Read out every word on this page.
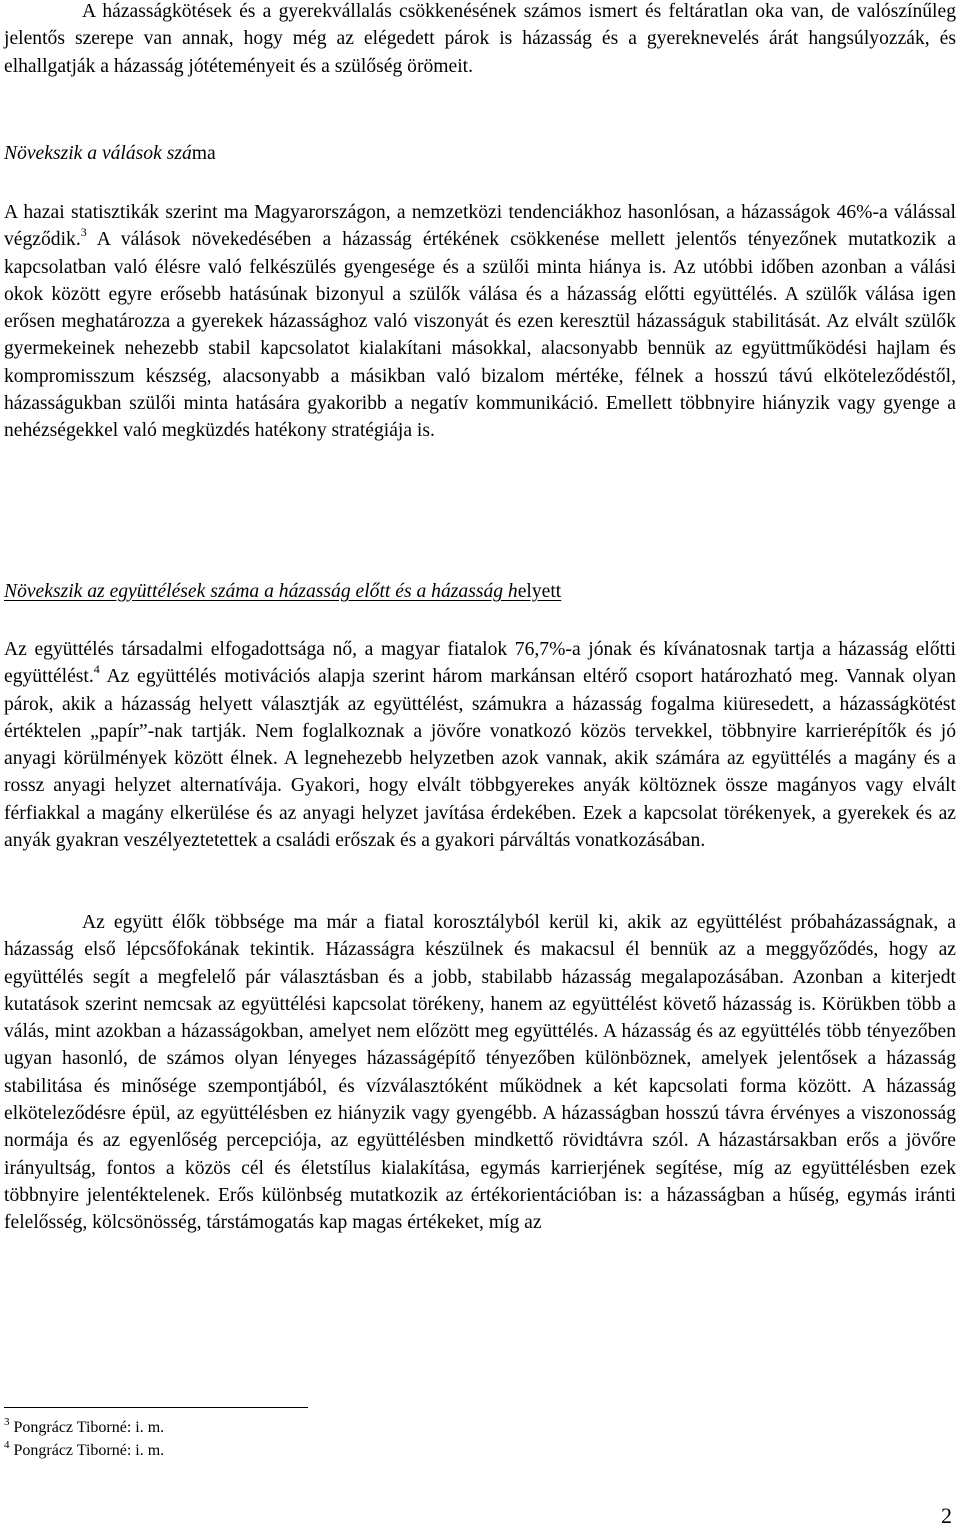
A házasságkötések és a gyerekvállalás csökkenésének számos ismert és feltáratlan oka van, de valószínűleg jelentős szerepe van annak, hogy még az elégedett párok is házasság és a gyereknevelés árát hangsúlyozzák, és elhallgatják a házasság jótéteményeit és a szülőség örömeit.

Növekszik a válások száma

A hazai statisztikák szerint ma Magyarországon, a nemzetközi tendenciákhoz hasonlósan, a házasságok 46%-a válással végződik.$^3$ A válások növekedésében a házasság értékének csökkenése mellett jelentős tényezőnek mutatkozik a kapcsolatban való élésre való felkészülés gyengesége és a szülői minta hiánya is. Az utóbbi időben azonban a válási okok között egyre erősebb hatásúnak bizonyul a szülők válása és a házasság előtti együttélés. A szülők válása igen erősen meghatározza a gyerekek házassághoz való viszonyát és ezen keresztül házasságuk stabilitását. Az elvált szülők gyermekeinek nehezebb stabil kapcsolatot kialakítani másokkal, alacsonyabb bennük az együttműködési hajlam és kompromisszum készség, alacsonyabb a másikban való bizalom mértéke, félnek a hosszú távú elköteleződéstől, házasságukban szülői minta hatására gyakoribb a negatív kommunikáció. Emellett többnyire hiányzik vagy gyenge a nehézségekkel való megküzdés hatékony stratégiája is.

Növekszik az együttélések száma a házasság előtt és a házasság helyett

Az együttélés társadalmi elfogadottsága nő, a magyar fiatalok 76,7%-a jónak és kívánatosnak tartja a házasság előtti együttélést.$^4$ Az együttélés motivációs alapja szerint három markánsan eltérő csoport határozható meg. Vannak olyan párok, akik a házasság helyett választják az együttélést, számukra a házasság fogalma kiüresedett, a házasságkötést értéktelen „papír”-nak tartják. Nem foglalkoznak a jövőre vonatkozó közös tervekkel, többnyire karrierépítők és jó anyagi körülmények között élnek. A legnehezebb helyzetben azok vannak, akik számára az együttélés a magány és a rossz anyagi helyzet alternatívája. Gyakori, hogy elvált többgyerekes anyák költöznek össze magányos vagy elvált férfiakkal a magány elkerülése és az anyagi helyzet javítása érdekében. Ezek a kapcsolat törékenyek, a gyerekek és az anyák gyakran veszélyeztetettek a családi erőszak és a gyakori párváltás vonatkozásában.

Az együtt élők többsége ma már a fiatal korosztályból kerül ki, akik az együttélést próbaházasságnak, a házasság első lépcsőfokának tekintik. Házasságra készülnek és makacsul él bennük az a meggyőződés, hogy az együttélés segít a megfelelő pár választásban és a jobb, stabilabb házasság megalapozásában. Azonban a kiterjedt kutatások szerint nemcsak az együttélési kapcsolat törékeny, hanem az együttélést követő házasság is. Körükben több a válás, mint azokban a házasságokban, amelyet nem előzött meg együttélés. A házasság és az együttélés több tényezőben ugyan hasonló, de számos olyan lényeges házasságépítő tényezőben különböznek, amelyek jelentősek a házasság stabilitása és minősége szempontjából, és vízválasztóként működnek a két kapcsolati forma között. A házasság elköteleződésre épül, az együttélésben ez hiányzik vagy gyengébb. A házasságban hosszú távra érvényes a viszonosság normája és az egyenlőség percepciója, az együttélésben mindkettő rövidtávra szól. A házastársakban erős a jövőre irányultság, fontos a közös cél és életstílus kialakítása, egymás karrierjének segítése, míg az együttélésben ezek többnyire jelentéktelenek. Erős különbség mutatkozik az értékorientációban is: a házasságban a hűség, egymás iránti felelősség, kölcsönösség, társtámogatás kap magas értékeket, míg az

$^3$ Pongrácz Tiborné: i. m.

$^4$ Pongrácz Tiborné: i. m.

2
